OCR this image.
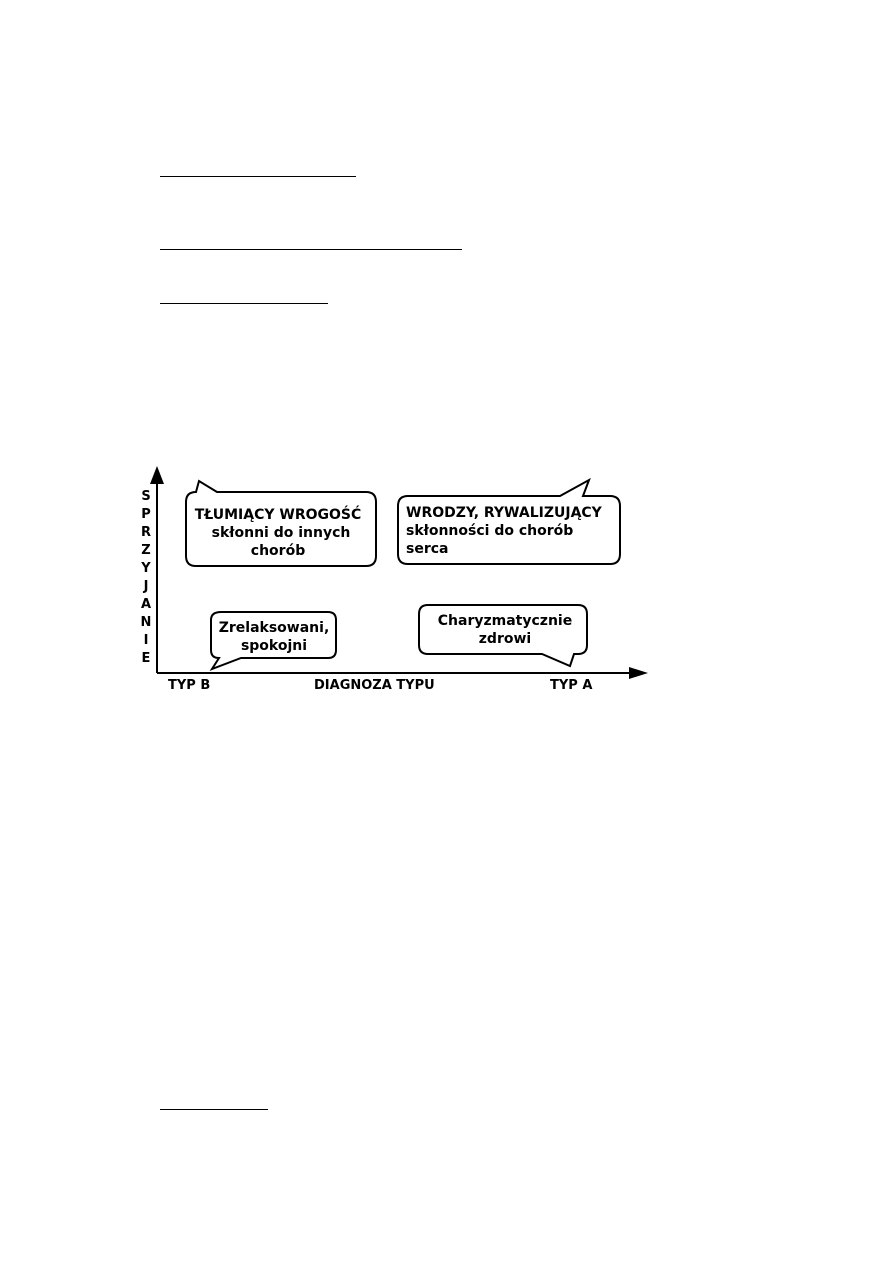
S
P
R
Z
Y
J
A
N
I
E
TYP B	DIAGNOZA TYPU	TYP A
TŁUMIĄCY WROGOŚĆ
skłonni do innych
chorób
WRODZY, RYWALIZUJĄCY
skłonności do chorób
serca
Zrelaksowani,
spokojni
Charyzmatycznie
zdrowi
